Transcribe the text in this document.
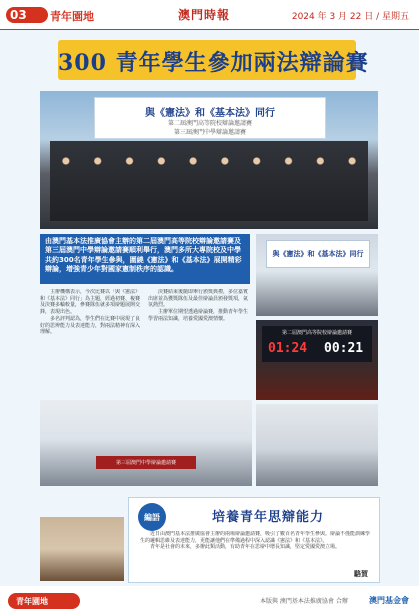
03 青年園地	澳門時報	2024 年 3 月 22 日 / 星期五
300 青年學生參加兩法辯論賽
與《憲法》和《基本法》同行
第二屆澳門高等院校辯論邀請賽
第三屆澳門中學辯論邀請賽
由澳門基本法推廣協會主辦的第二屆澳門高等院校辯論邀請賽及第三屆澳門中學辯論邀請賽順利舉行，澳門多所大專院校及中學共約300名青年學生參與，圍繞《憲法》和《基本法》展開精彩辯論，增強青少年對國家憲制秩序的認識。
與《憲法》和《基本法》同行
第二屆澳門高等院校辯論邀請賽
01:24 00:21

主辦機構表示，今次比賽以「與《憲法》和《基本法》同行」為主題，經過初賽、複賽及決賽多輪較量，參賽隊伍就多項辯題展開交鋒，表現出色。

多名評判認為，學生們在比賽中展現了良好的思辨能力及表達能力，對兩法精神有深入理解。

決賽結束後隨即舉行頒獎典禮，多位嘉賓出席並為獲獎隊伍及最佳辯論員頒發獎項，氣氛熱烈。

主辦單位期望透過辯論賽，推動青年學生學習兩法知識，培養愛國愛澳情懷。

第三屆澳門中學辯論邀請賽
編語	培養青年思辯能力

近日由澳門基本法推廣協會主辦的兩場辯論邀請賽，吸引了數百名青年學生參與。辯論不僅能訓練學生的邏輯思維及表達能力，更能讓他們在準備過程中深入認識《憲法》和《基本法》。

青年是社會的未來，多辦此類活動，有助青年在思辯中增長知識，堅定愛國愛澳立場。

駱賀
青年園地	本版與 澳門基本法推廣協會 合辦	澳門基金會
